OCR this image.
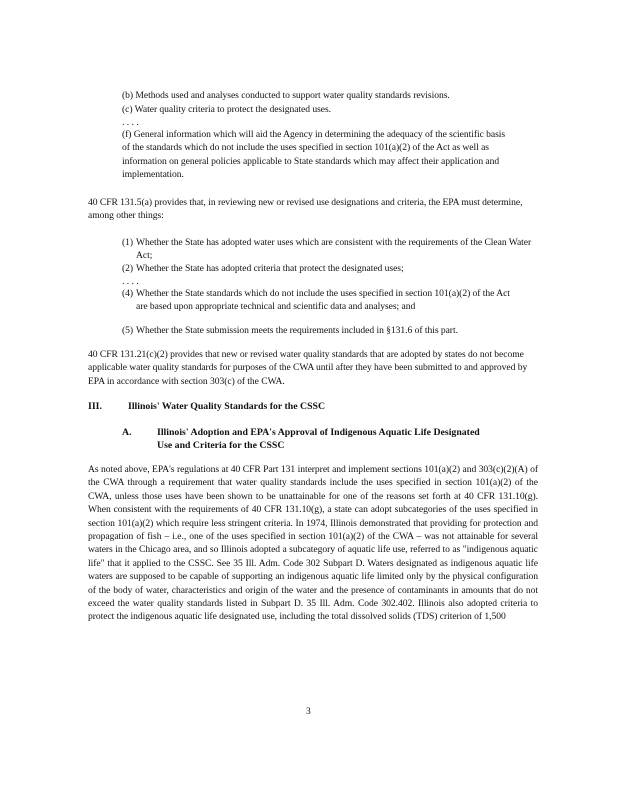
(b) Methods used and analyses conducted to support water quality standards revisions.
(c) Water quality criteria to protect the designated uses.
. . . .
(f) General information which will aid the Agency in determining the adequacy of the scientific basis of the standards which do not include the uses specified in section 101(a)(2) of the Act as well as information on general policies applicable to State standards which may affect their application and implementation.
40 CFR 131.5(a) provides that, in reviewing new or revised use designations and criteria, the EPA must determine, among other things:
(1) Whether the State has adopted water uses which are consistent with the requirements of the Clean Water Act;
(2) Whether the State has adopted criteria that protect the designated uses;
. . . .
(4) Whether the State standards which do not include the uses specified in section 101(a)(2) of the Act are based upon appropriate technical and scientific data and analyses; and
(5) Whether the State submission meets the requirements included in §131.6 of this part.
40 CFR 131.21(c)(2) provides that new or revised water quality standards that are adopted by states do not become applicable water quality standards for purposes of the CWA until after they have been submitted to and approved by EPA in accordance with section 303(c) of the CWA.
III.	Illinois' Water Quality Standards for the CSSC
A.	Illinois' Adoption and EPA's Approval of Indigenous Aquatic Life Designated Use and Criteria for the CSSC
As noted above, EPA's regulations at 40 CFR Part 131 interpret and implement sections 101(a)(2) and 303(c)(2)(A) of the CWA through a requirement that water quality standards include the uses specified in section 101(a)(2) of the CWA, unless those uses have been shown to be unattainable for one of the reasons set forth at 40 CFR 131.10(g). When consistent with the requirements of 40 CFR 131.10(g), a state can adopt subcategories of the uses specified in section 101(a)(2) which require less stringent criteria. In 1974, Illinois demonstrated that providing for protection and propagation of fish – i.e., one of the uses specified in section 101(a)(2) of the CWA – was not attainable for several waters in the Chicago area, and so Illinois adopted a subcategory of aquatic life use, referred to as "indigenous aquatic life" that it applied to the CSSC. See 35 Ill. Adm. Code 302 Subpart D. Waters designated as indigenous aquatic life waters are supposed to be capable of supporting an indigenous aquatic life limited only by the physical configuration of the body of water, characteristics and origin of the water and the presence of contaminants in amounts that do not exceed the water quality standards listed in Subpart D. 35 Ill. Adm. Code 302.402. Illinois also adopted criteria to protect the indigenous aquatic life designated use, including the total dissolved solids (TDS) criterion of 1,500
3
